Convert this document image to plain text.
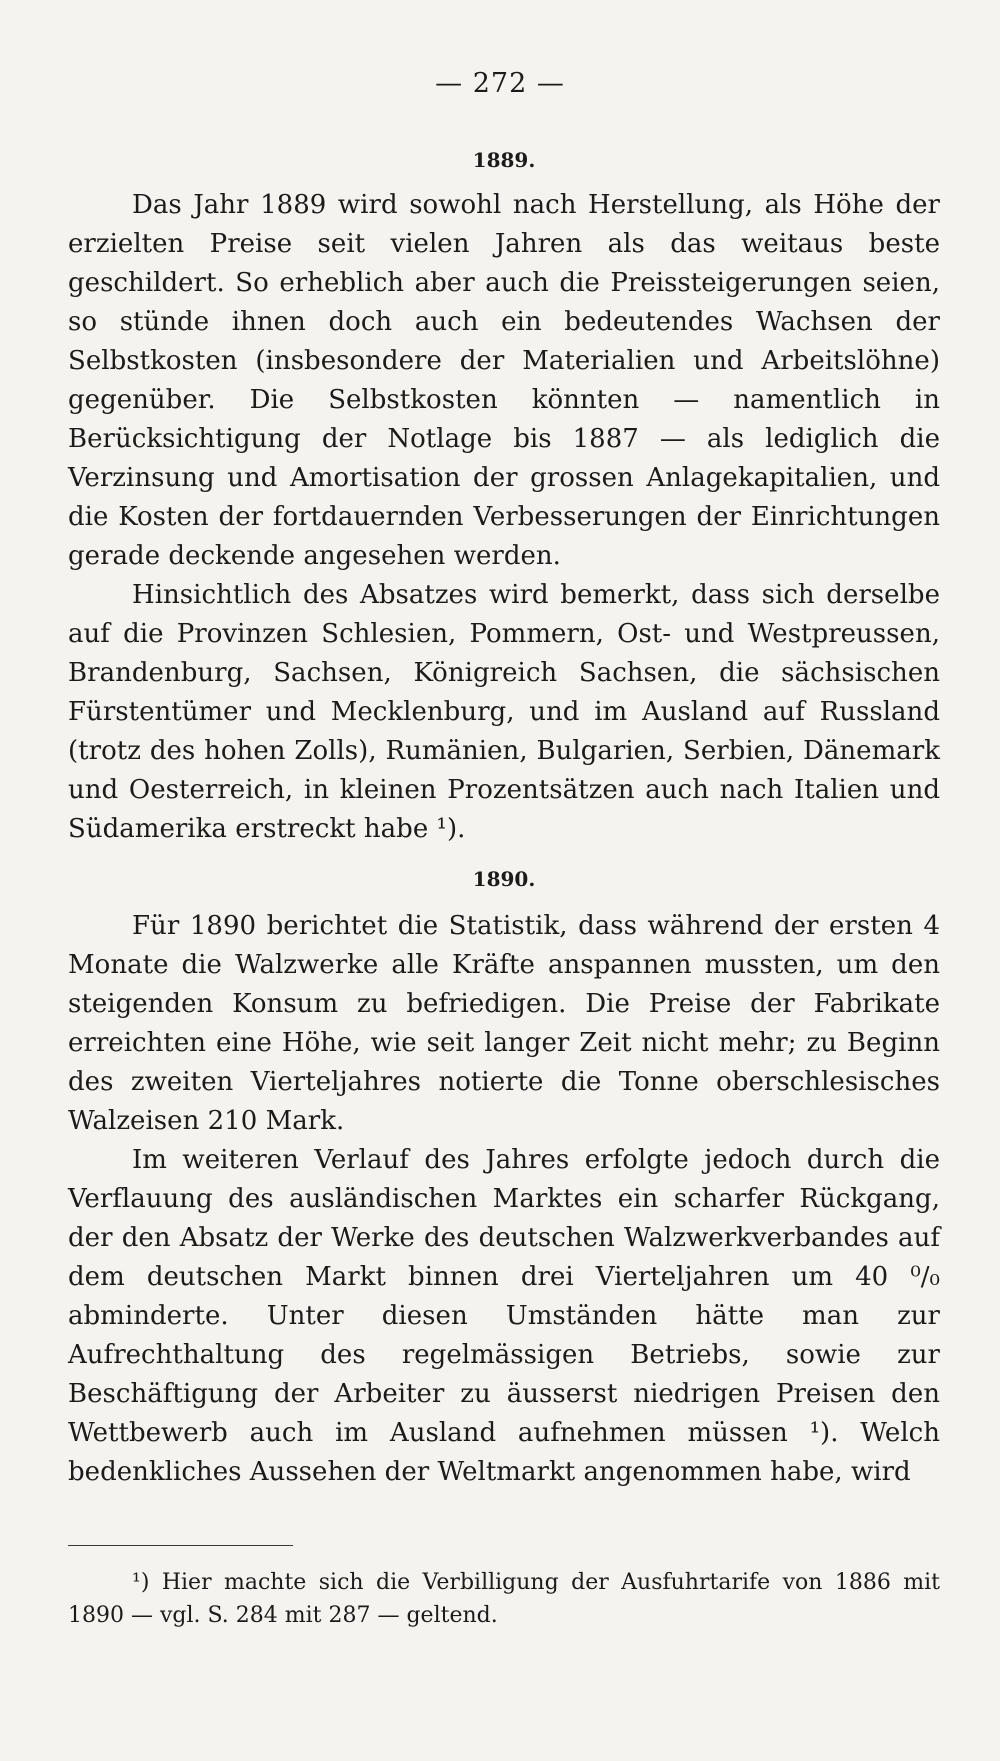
— 272 —
1889.

Das Jahr 1889 wird sowohl nach Herstellung, als Höhe der erzielten Preise seit vielen Jahren als das weitaus beste geschildert. So erheblich aber auch die Preissteigerungen seien, so stünde ihnen doch auch ein bedeutendes Wachsen der Selbstkosten (insbesondere der Materialien und Arbeitslöhne) gegenüber. Die Selbstkosten könnten — namentlich in Berücksichtigung der Notlage bis 1887 — als lediglich die Verzinsung und Amortisation der grossen Anlagekapitalien, und die Kosten der fortdauernden Verbesserungen der Einrichtungen gerade deckende angesehen werden.

Hinsichtlich des Absatzes wird bemerkt, dass sich derselbe auf die Provinzen Schlesien, Pommern, Ost- und Westpreussen, Brandenburg, Sachsen, Königreich Sachsen, die sächsischen Fürstentümer und Mecklenburg, und im Ausland auf Russland (trotz des hohen Zolls), Rumänien, Bulgarien, Serbien, Dänemark und Oesterreich, in kleinen Prozentsätzen auch nach Italien und Südamerika erstreckt habe ¹).

1890.

Für 1890 berichtet die Statistik, dass während der ersten 4 Monate die Walzwerke alle Kräfte anspannen mussten, um den steigenden Konsum zu befriedigen. Die Preise der Fabrikate erreichten eine Höhe, wie seit langer Zeit nicht mehr; zu Beginn des zweiten Vierteljahres notierte die Tonne oberschlesisches Walzeisen 210 Mark.

Im weiteren Verlauf des Jahres erfolgte jedoch durch die Verflauung des ausländischen Marktes ein scharfer Rückgang, der den Absatz der Werke des deutschen Walzwerkverbandes auf dem deutschen Markt binnen drei Vierteljahren um 40 ⁰/₀ abminderte. Unter diesen Umständen hätte man zur Aufrechthaltung des regelmässigen Betriebs, sowie zur Beschäftigung der Arbeiter zu äusserst niedrigen Preisen den Wettbewerb auch im Ausland aufnehmen müssen ¹). Welch bedenkliches Aussehen der Weltmarkt angenommen habe, wird

¹) Hier machte sich die Verbilligung der Ausfuhrtarife von 1886 mit 1890 — vgl. S. 284 mit 287 — geltend.
